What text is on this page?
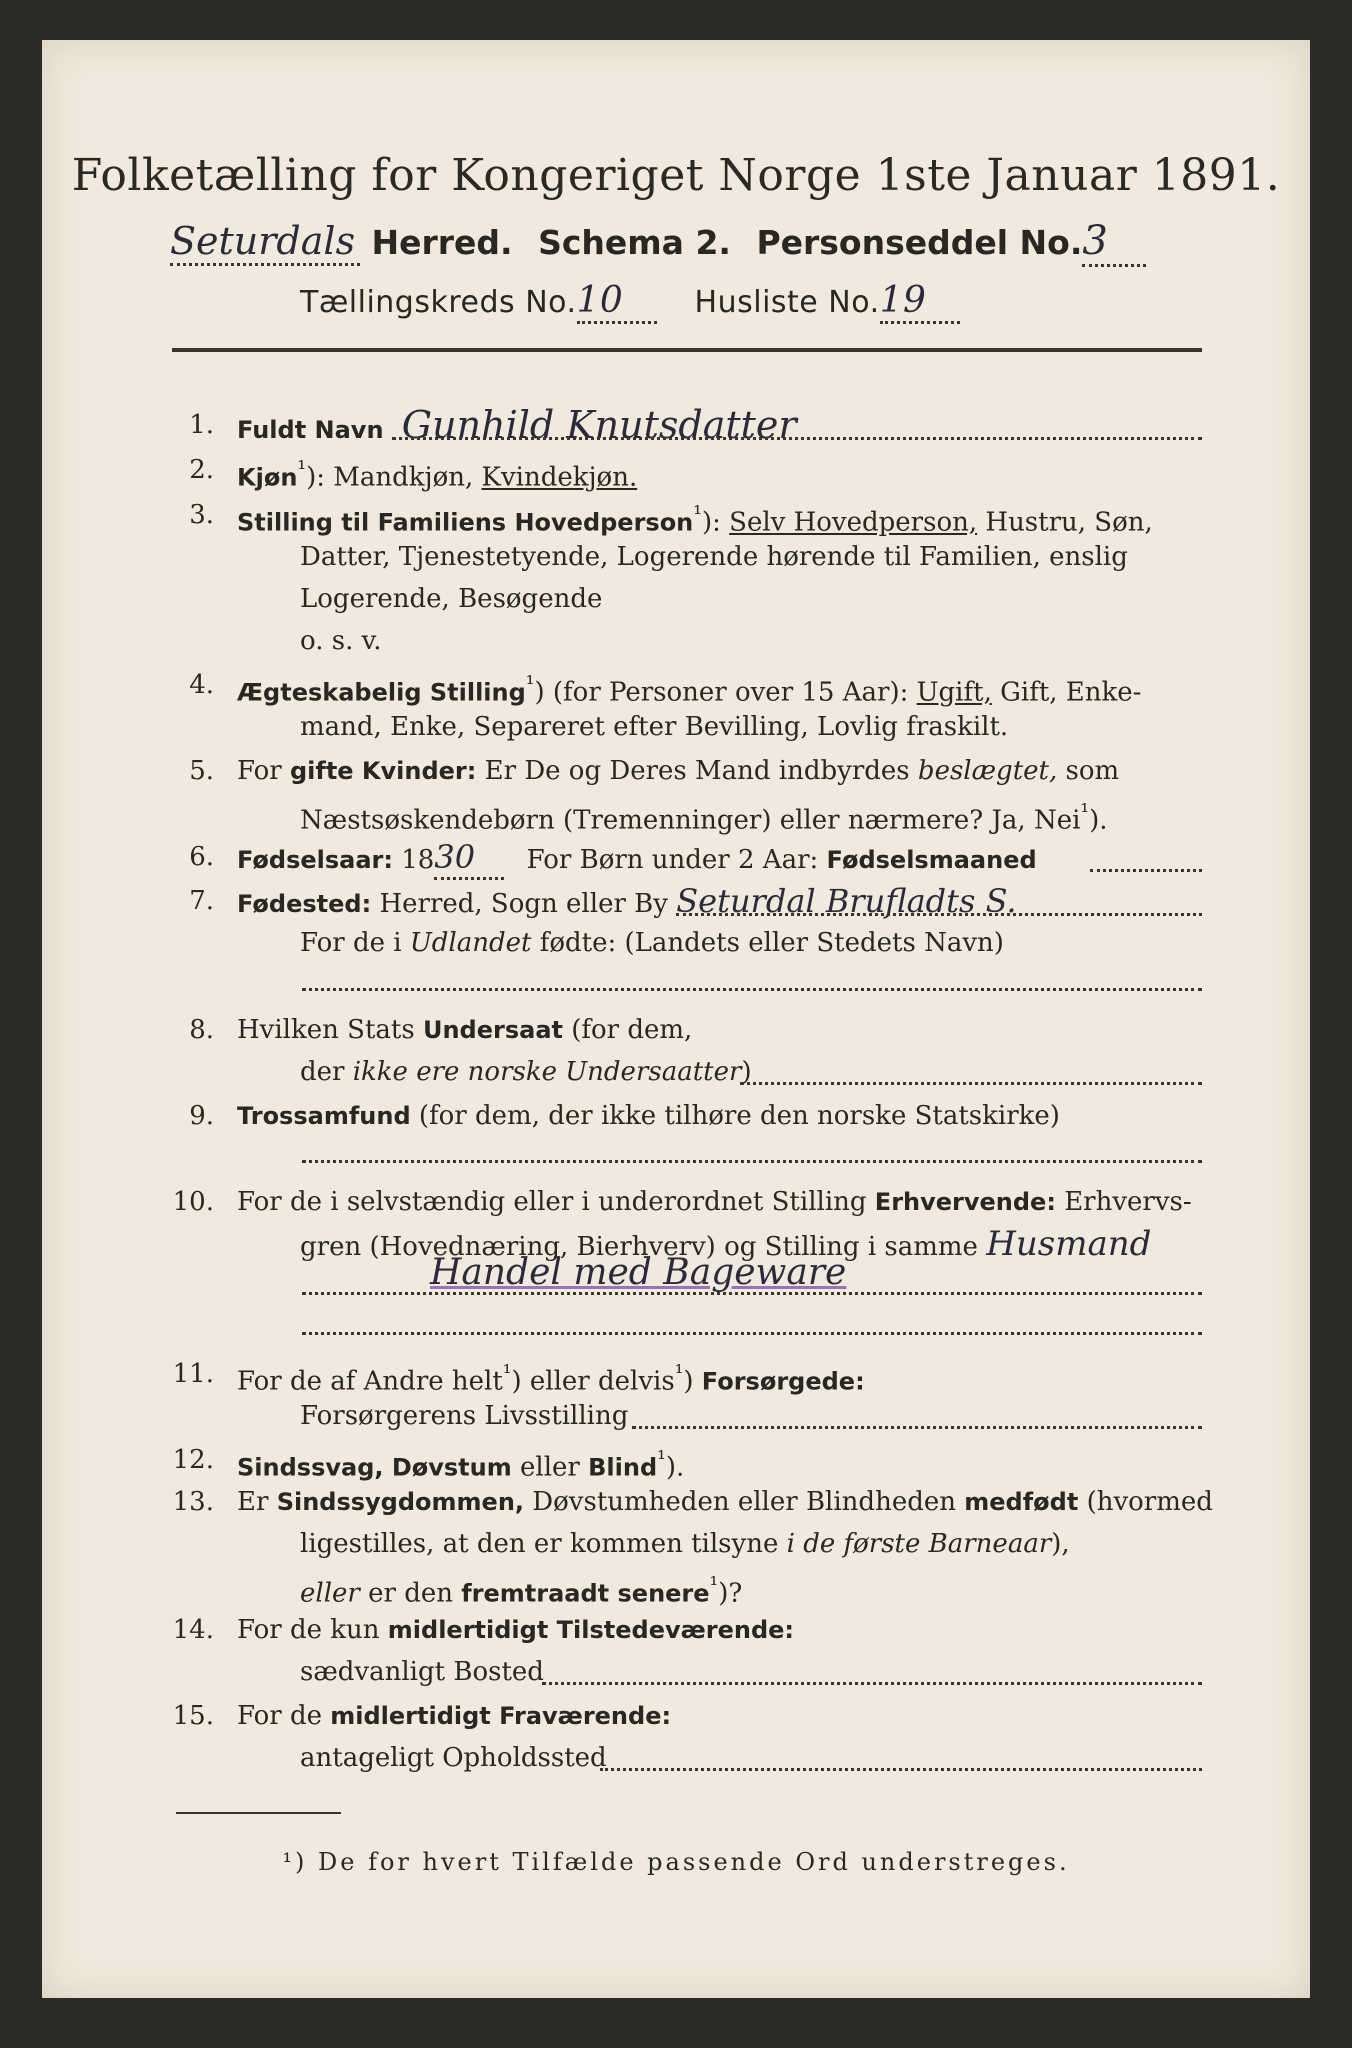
Folketælling for Kongeriget Norge 1ste Januar 1891.
Seturdals Herred. Schema 2. Personseddel No.3
Tællingskreds No.10 Husliste No.19
1. Fuldt Navn Gunhild Knutsdatter
2. Kjøn$^{^1}$): Mandkjøn, Kvindekjøn.
3. Stilling til Familiens Hovedperson$^{^1}$): Selv Hovedperson, Hustru, Søn,
Datter, Tjenestetyende, Logerende hørende til Familien, enslig
Logerende, Besøgende
o. s. v.
4. Ægteskabelig Stilling$^{^1}$) (for Personer over 15 Aar): Ugift, Gift, Enke-
mand, Enke, Separeret efter Bevilling, Lovlig fraskilt.
5. For gifte Kvinder: Er De og Deres Mand indbyrdes beslægtet, som
Næstsøskendebørn (Tremenninger) eller nærmere? Ja, Nei$^{^1}$).
6. Fødselsaar: 1830 For Børn under 2 Aar: Fødselsmaaned
7. Fødested: Herred, Sogn eller By Seturdal Brufladts S.
For de i Udlandet fødte: (Landets eller Stedets Navn)
8. Hvilken Stats Undersaat (for dem,
der ikke ere norske Undersaatter)
9. Trossamfund (for dem, der ikke tilhøre den norske Statskirke)
10. For de i selvstændig eller i underordnet Stilling Erhvervende: Erhvervs-
gren (Hovednæring, Bierhverv) og Stilling i samme Husmand
Handel med Bageware
11. For de af Andre helt$^{^1}$) eller delvis$^{^1}$) Forsørgede:
Forsørgerens Livsstilling
12. Sindssvag, Døvstum eller Blind$^{^1}$).
13. Er Sindssygdommen, Døvstumheden eller Blindheden medfødt (hvormed
ligestilles, at den er kommen tilsyne i de første Barneaar),
eller er den fremtraadt senere$^{^1}$)?
14. For de kun midlertidigt Tilstedeværende:
sædvanligt Bosted
15. For de midlertidigt Fraværende:
antageligt Opholdssted
¹) De for hvert Tilfælde passende Ord understreges.
